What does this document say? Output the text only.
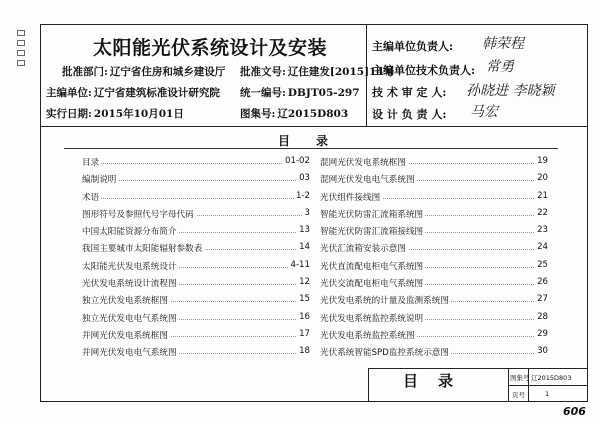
太阳能光伏系统设计及安装
批准部门: 辽宁省住房和城乡建设厅 批准文号: 辽住建发[2015]14号
主编单位: 辽宁省建筑标准设计研究院 统一编号: DBJT05-297
实行日期: 2015年10月01日	图集号: 辽2015D803
主编单位负责人: 韩荣程
主编单位技术负责人: 常勇
技 术 审 定 人: 孙晓进 李晓颖
设 计 负 责 人: 马宏
目录
目录	01-02
编制说明	03
术语	1-2
图形符号及参照代号字母代码	3
中国太阳能资源分布简介	13
我国主要城市太阳能辐射参数表	14
太阳能光伏发电系统设计	4-11
光伏发电系统设计流程图	12
独立光伏发电系统框图	15
独立光伏发电电气系统图	16
并网光伏发电系统框图	17
并网光伏发电电气系统图	18
混网光伏发电系统框图	19
混网光伏发电电气系统图	20
光伏组件接线图	21
智能光伏防雷汇流箱系统图	22
智能光伏防雷汇流箱接线图	23
光伏汇流箱安装示意图	24
光伏直流配电柜电气系统图	25
光伏交流配电柜电气系统图	26
光伏发电系统的计量及监测系统图	27
光伏发电系统监控系统说明	28
光伏发电系统监控系统图	29
光伏系统智能SPD监控系统示意图	30
目录	图集号 辽2015D803
页号	1
606
